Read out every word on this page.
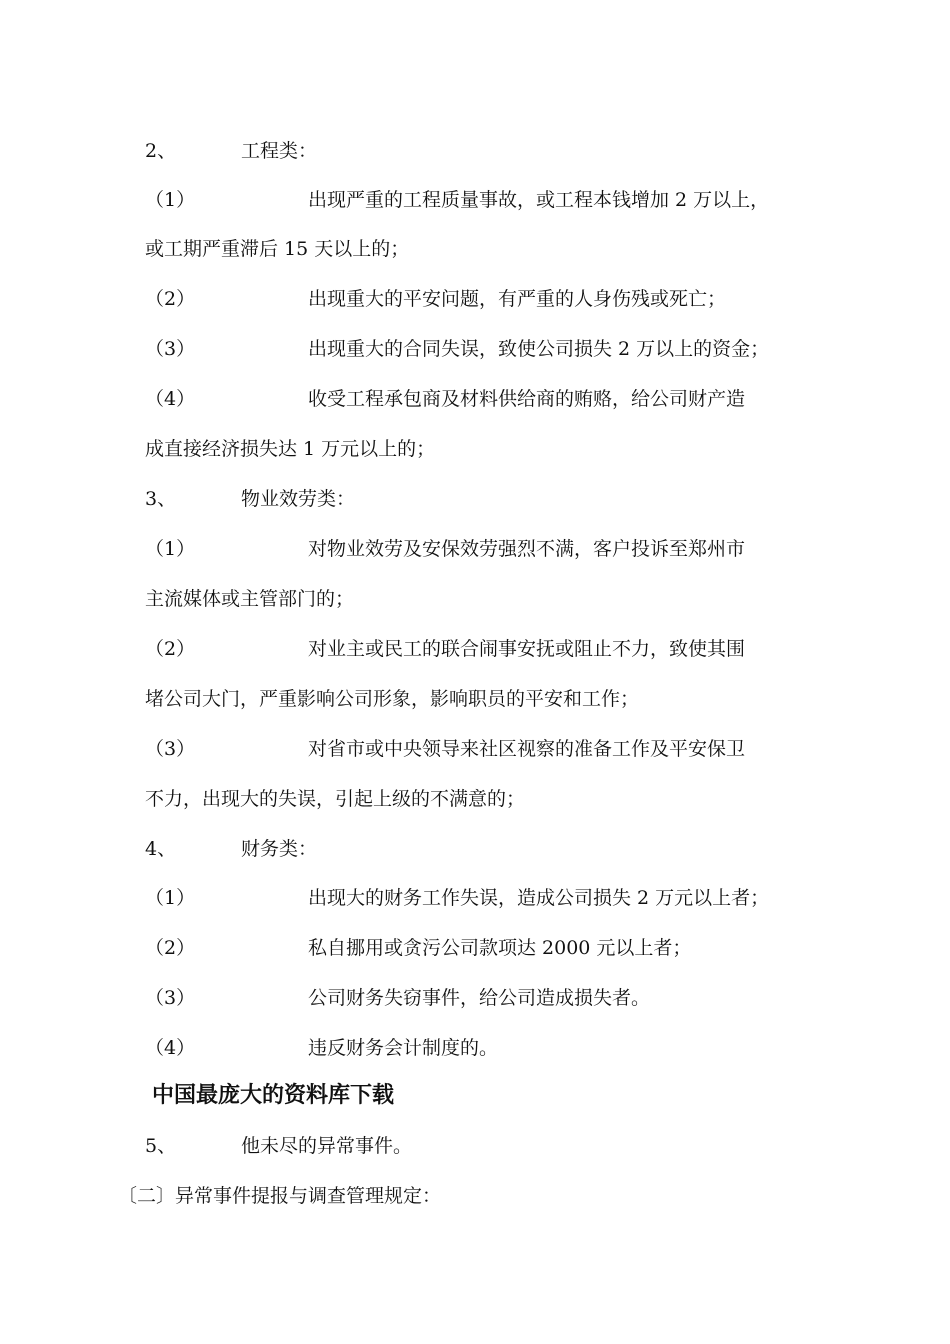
2、	工程类：
（1）	出现严重的工程质量事故，或工程本钱增加 2 万以上，
或工期严重滞后 15 天以上的；
（2）	出现重大的平安问题，有严重的人身伤残或死亡；
（3）	出现重大的合同失误，致使公司损失 2 万以上的资金；
（4）	收受工程承包商及材料供给商的贿赂，给公司财产造
成直接经济损失达 1 万元以上的；
3、	物业效劳类：
（1）	对物业效劳及安保效劳强烈不满，客户投诉至郑州市
主流媒体或主管部门的；
（2）	对业主或民工的联合闹事安抚或阻止不力，致使其围
堵公司大门，严重影响公司形象，影响职员的平安和工作；
（3）	对省市或中央领导来社区视察的准备工作及平安保卫
不力，出现大的失误，引起上级的不满意的；
4、	财务类：
（1）	出现大的财务工作失误，造成公司损失 2 万元以上者；
（2）	私自挪用或贪污公司款项达 2000 元以上者；
（3）	公司财务失窃事件，给公司造成损失者。
（4）	违反财务会计制度的。
中国最庞大的资料库下载
5、	他未尽的异常事件。
〔二〕异常事件提报与调查管理规定：
